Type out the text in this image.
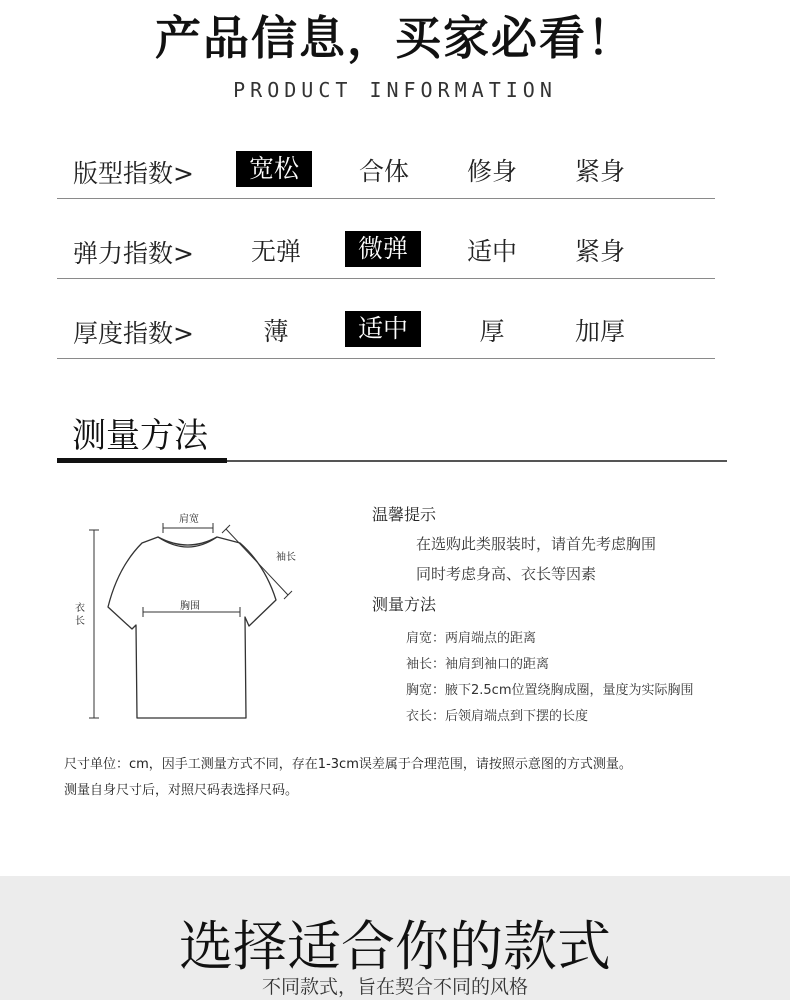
产品信息，买家必看！
PRODUCT INFORMATION
版型指数>	宽松	合体	修身	紧身
弹力指数>	无弹	微弹	适中	紧身
厚度指数>	薄	适中	厚	加厚
测量方法
肩宽
袖长
胸围
衣长
温馨提示
在选购此类服装时，请首先考虑胸围
同时考虑身高、衣长等因素
测量方法
肩宽：两肩端点的距离
袖长：袖肩到袖口的距离
胸宽：腋下2.5cm位置绕胸成圈，量度为实际胸围
衣长：后领肩端点到下摆的长度
尺寸单位：cm，因手工测量方式不同，存在1-3cm误差属于合理范围，请按照示意图的方式测量。
测量自身尺寸后，对照尺码表选择尺码。
选择适合你的款式
不同款式，旨在契合不同的风格
